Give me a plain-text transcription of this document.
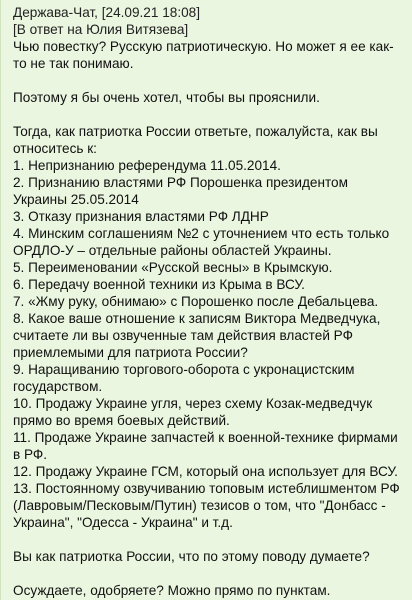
Держава-Чат, [24.09.21 18:08]
[В ответ на Юлия Витязева]

Чью повестку? Русскую патриотическую. Но может я ее как-то не так понимаю.

Поэтому я бы очень хотел, чтобы вы прояснили.

Тогда, как патриотка России ответьте, пожалуйста, как вы относитесь к:

1. Непризнанию референдума 11.05.2014.
2. Признанию властями РФ Порошенка президентом Украины 25.05.2014
3. Отказу признания властями РФ ЛДНР
4. Минским соглашениям №2 с уточнением что есть только ОРДЛО-У – отдельные районы областей Украины.
5. Переименовании «Русской весны» в Крымскую.
6. Передачу военной техники из Крыма в ВСУ.
7. «Жму руку, обнимаю» с Порошенко после Дебальцева.
8. Какое ваше отношение к записям Виктора Медведчука, считаете ли вы озвученные там действия властей РФ приемлемыми для патриота России?
9. Наращиванию торгового-оборота с укронацистским государством.
10. Продажу Украине угля, через схему Козак-медведчук прямо во время боевых действий.
11. Продаже Украине запчастей к военной-технике фирмами в РФ.
12. Продажу Украине ГСМ, который она использует для ВСУ.
13. Постоянному озвучиванию топовым истеблишментом РФ (Лавровым/Песковым/Путин) тезисов о том, что "Донбасс - Украина", "Одесса - Украина" и т.д.

Вы как патриотка России, что по этому поводу думаете?

Осуждаете, одобряете? Можно прямо по пунктам.
